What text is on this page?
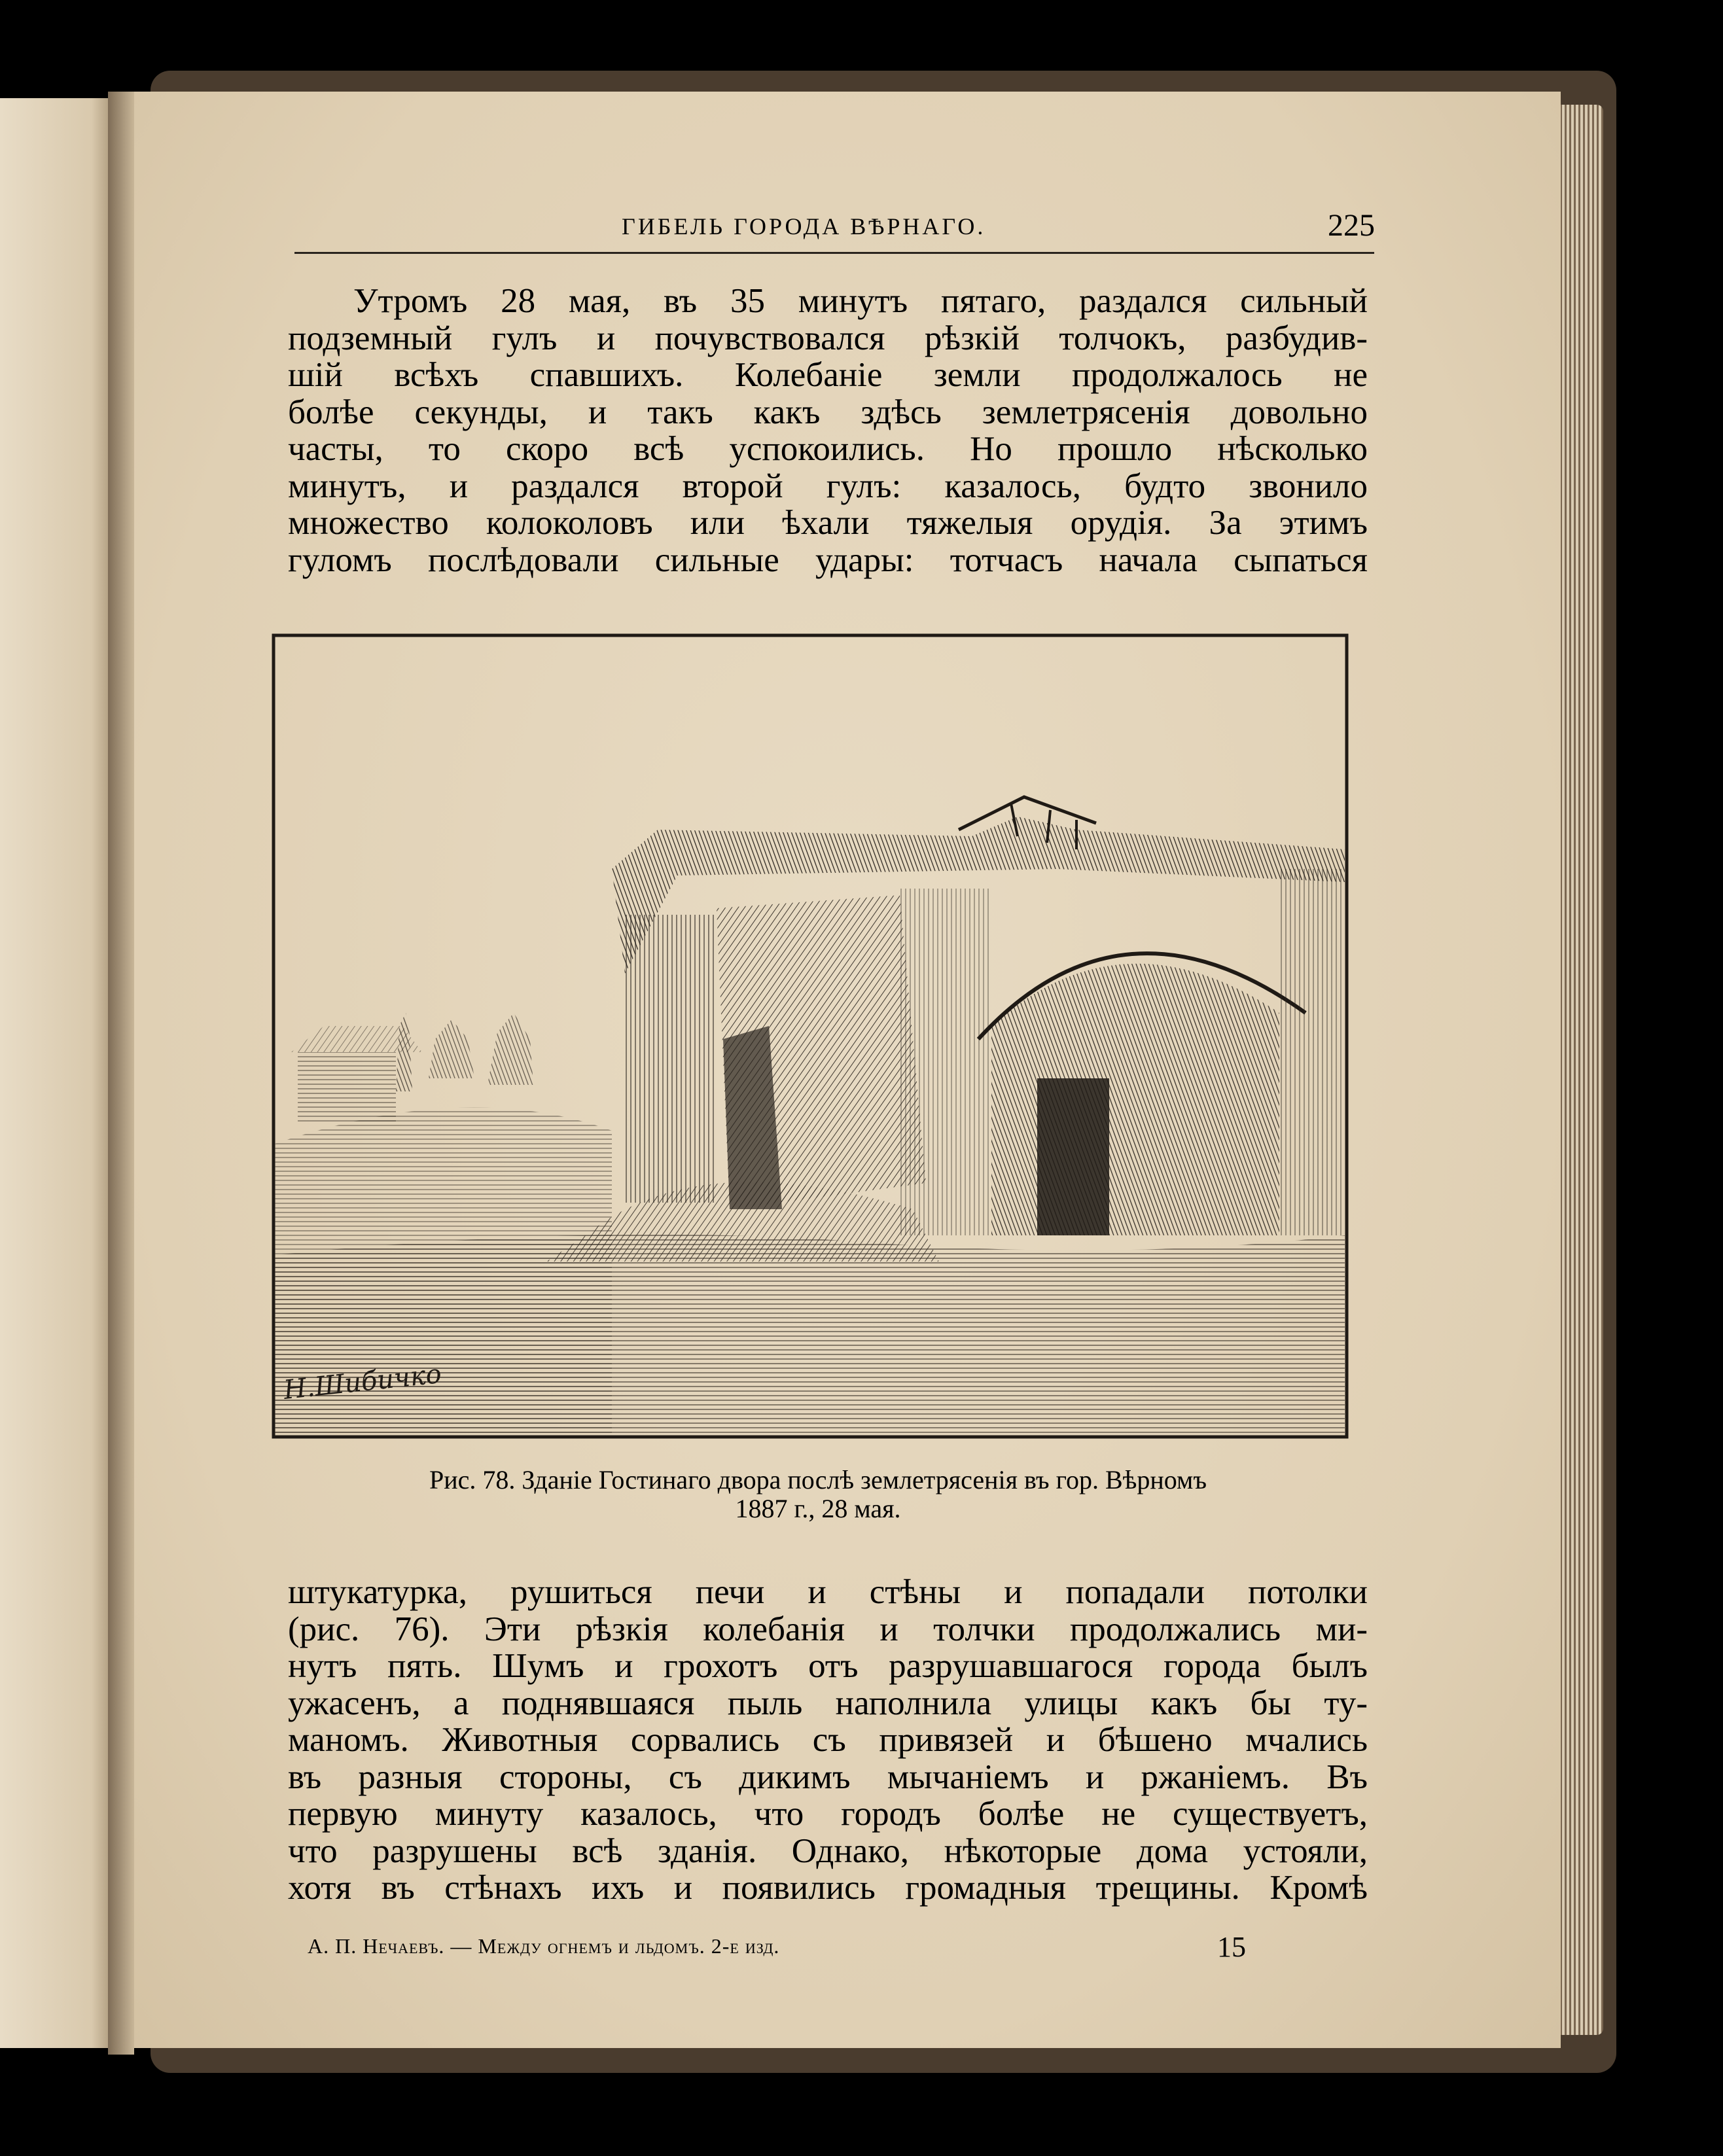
ГИБЕЛЬ ГОРОДА ВѢРНАГО.	225

Утромъ 28 мая, въ 35 минутъ пятаго, раздался сильный

подземный гулъ и почувствовался рѣзкій толчокъ, разбудив-

шій всѣхъ спавшихъ. Колебаніе земли продолжалось не

болѣе секунды, и такъ какъ здѣсь землетрясенія довольно

часты, то скоро всѣ успокоились. Но прошло нѣсколько

минутъ, и раздался второй гулъ: казалось, будто звонило

множество колоколовъ или ѣхали тяжелыя орудія. За этимъ

гуломъ послѣдовали сильные удары: тотчасъ начала сыпаться

Н.Шибичко
Рис. 78. Зданіе Гостинаго двора послѣ землетрясенія въ гор. Вѣрномъ
1887 г., 28 мая.

штукатурка, рушиться печи и стѣны и попадали потолки

(рис. 76). Эти рѣзкія колебанія и толчки продолжались ми-

нутъ пять. Шумъ и грохотъ отъ разрушавшагося города былъ

ужасенъ, а поднявшаяся пыль наполнила улицы какъ бы ту-

маномъ. Животныя сорвались съ привязей и бѣшено мчались

въ разныя стороны, съ дикимъ мычаніемъ и ржаніемъ. Въ

первую минуту казалось, что городъ болѣе не существуетъ,

что разрушены всѣ зданія. Однако, нѣкоторые дома устояли,

хотя въ стѣнахъ ихъ и появились громадныя трещины. Кромѣ

А. П. Нечаевъ. — Между огнемъ и льдомъ. 2-е изд.	15
